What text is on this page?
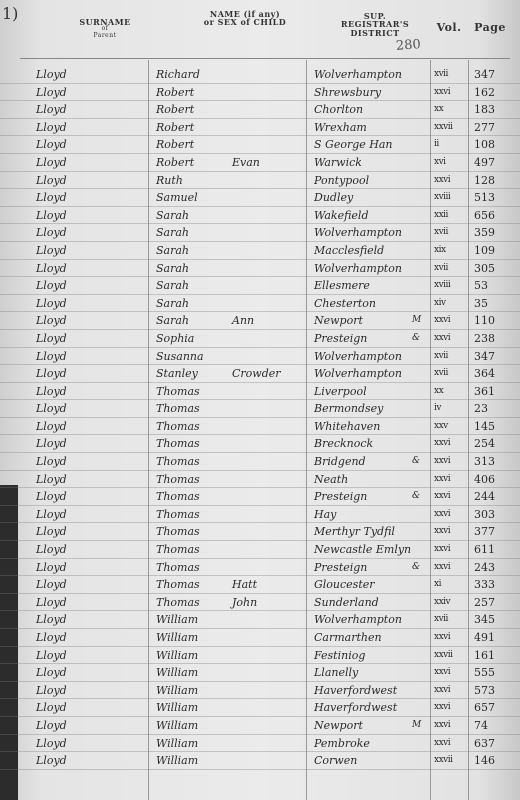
1)	SURNAME
of
Parent
NAME (if any)
or SEX of CHILD
SUP. REGISTRAR'S
DISTRICT	Vol.	Page
280
Lloyd	Richard	Wolverhampton	xvii 347
Lloyd	Robert	Shrewsbury	xxvi 162
Lloyd	Robert	Chorlton	xx	183
Lloyd	Robert	Wrexham	xxvii 277
Lloyd	Robert	S George Han	ii	108
Lloyd	Robert	Evan	Warwick	xvi	497
Lloyd	Ruth	Pontypool	xxvi 128
Lloyd	Samuel	Dudley	xviii 513
Lloyd	Sarah	Wakefield	xxii 656
Lloyd	Sarah	Wolverhampton	xvii 359
Lloyd	Sarah	Macclesfield	xix	109
Lloyd	Sarah	Wolverhampton	xvii 305
Lloyd	Sarah	Ellesmere	xviii 53
Lloyd	Sarah	Chesterton	xiv	35
Lloyd	Sarah	Ann	Newport	M xxvi 110
Lloyd	Sophia	Presteign	& xxvi 238
Lloyd	Susanna	Wolverhampton	xvii 347
Lloyd	Stanley	Crowder	Wolverhampton	xvii 364
Lloyd	Thomas	Liverpool	xx	361
Lloyd	Thomas	Bermondsey	iv	23
Lloyd	Thomas	Whitehaven	xxv 145
Lloyd	Thomas	Brecknock	xxvi 254
Lloyd	Thomas	Bridgend	& xxvi 313
Lloyd	Thomas	Neath	xxvi 406
Lloyd	Thomas	Presteign	& xxvi 244
Lloyd	Thomas	Hay	xxvi 303
Lloyd	Thomas	Merthyr Tydfil	xxvi 377
Lloyd	Thomas	Newcastle Emlyn	xxvi 611
Lloyd	Thomas	Presteign	& xxvi 243
Lloyd	Thomas	Hatt	Gloucester	xi	333
Lloyd	Thomas	John	Sunderland	xxiv 257
Lloyd	William	Wolverhampton	xvii 345
Lloyd	William	Carmarthen	xxvi 491
Lloyd	William	Festiniog	xxvii 161
Lloyd	William	Llanelly	xxvi 555
Lloyd	William	Haverfordwest	xxvi 573
Lloyd	William	Haverfordwest	xxvi 657
Lloyd	William	Newport	M xxvi 74
Lloyd	William	Pembroke	xxvi 637
Lloyd	William	Corwen	xxvii 146
